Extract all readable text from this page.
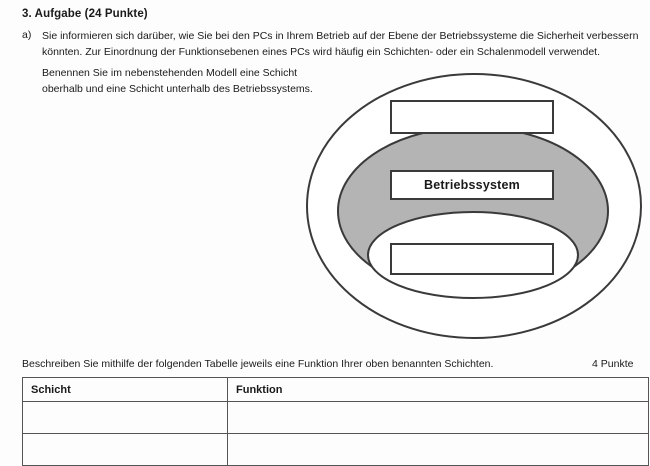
3. Aufgabe (24 Punkte)
a) Sie informieren sich darüber, wie Sie bei den PCs in Ihrem Betrieb auf der Ebene der Betriebssysteme die Sicherheit verbessern könnten. Zur Einordnung der Funktionsebenen eines PCs wird häufig ein Schichten- oder ein Schalenmodell verwendet.
Benennen Sie im nebenstehenden Modell eine Schicht oberhalb und eine Schicht unterhalb des Betriebssystems.
Betriebssystem
Beschreiben Sie mithilfe der folgenden Tabelle jeweils eine Funktion Ihrer oben benannten Schichten.	4 Punkte
Schicht	Funktion
